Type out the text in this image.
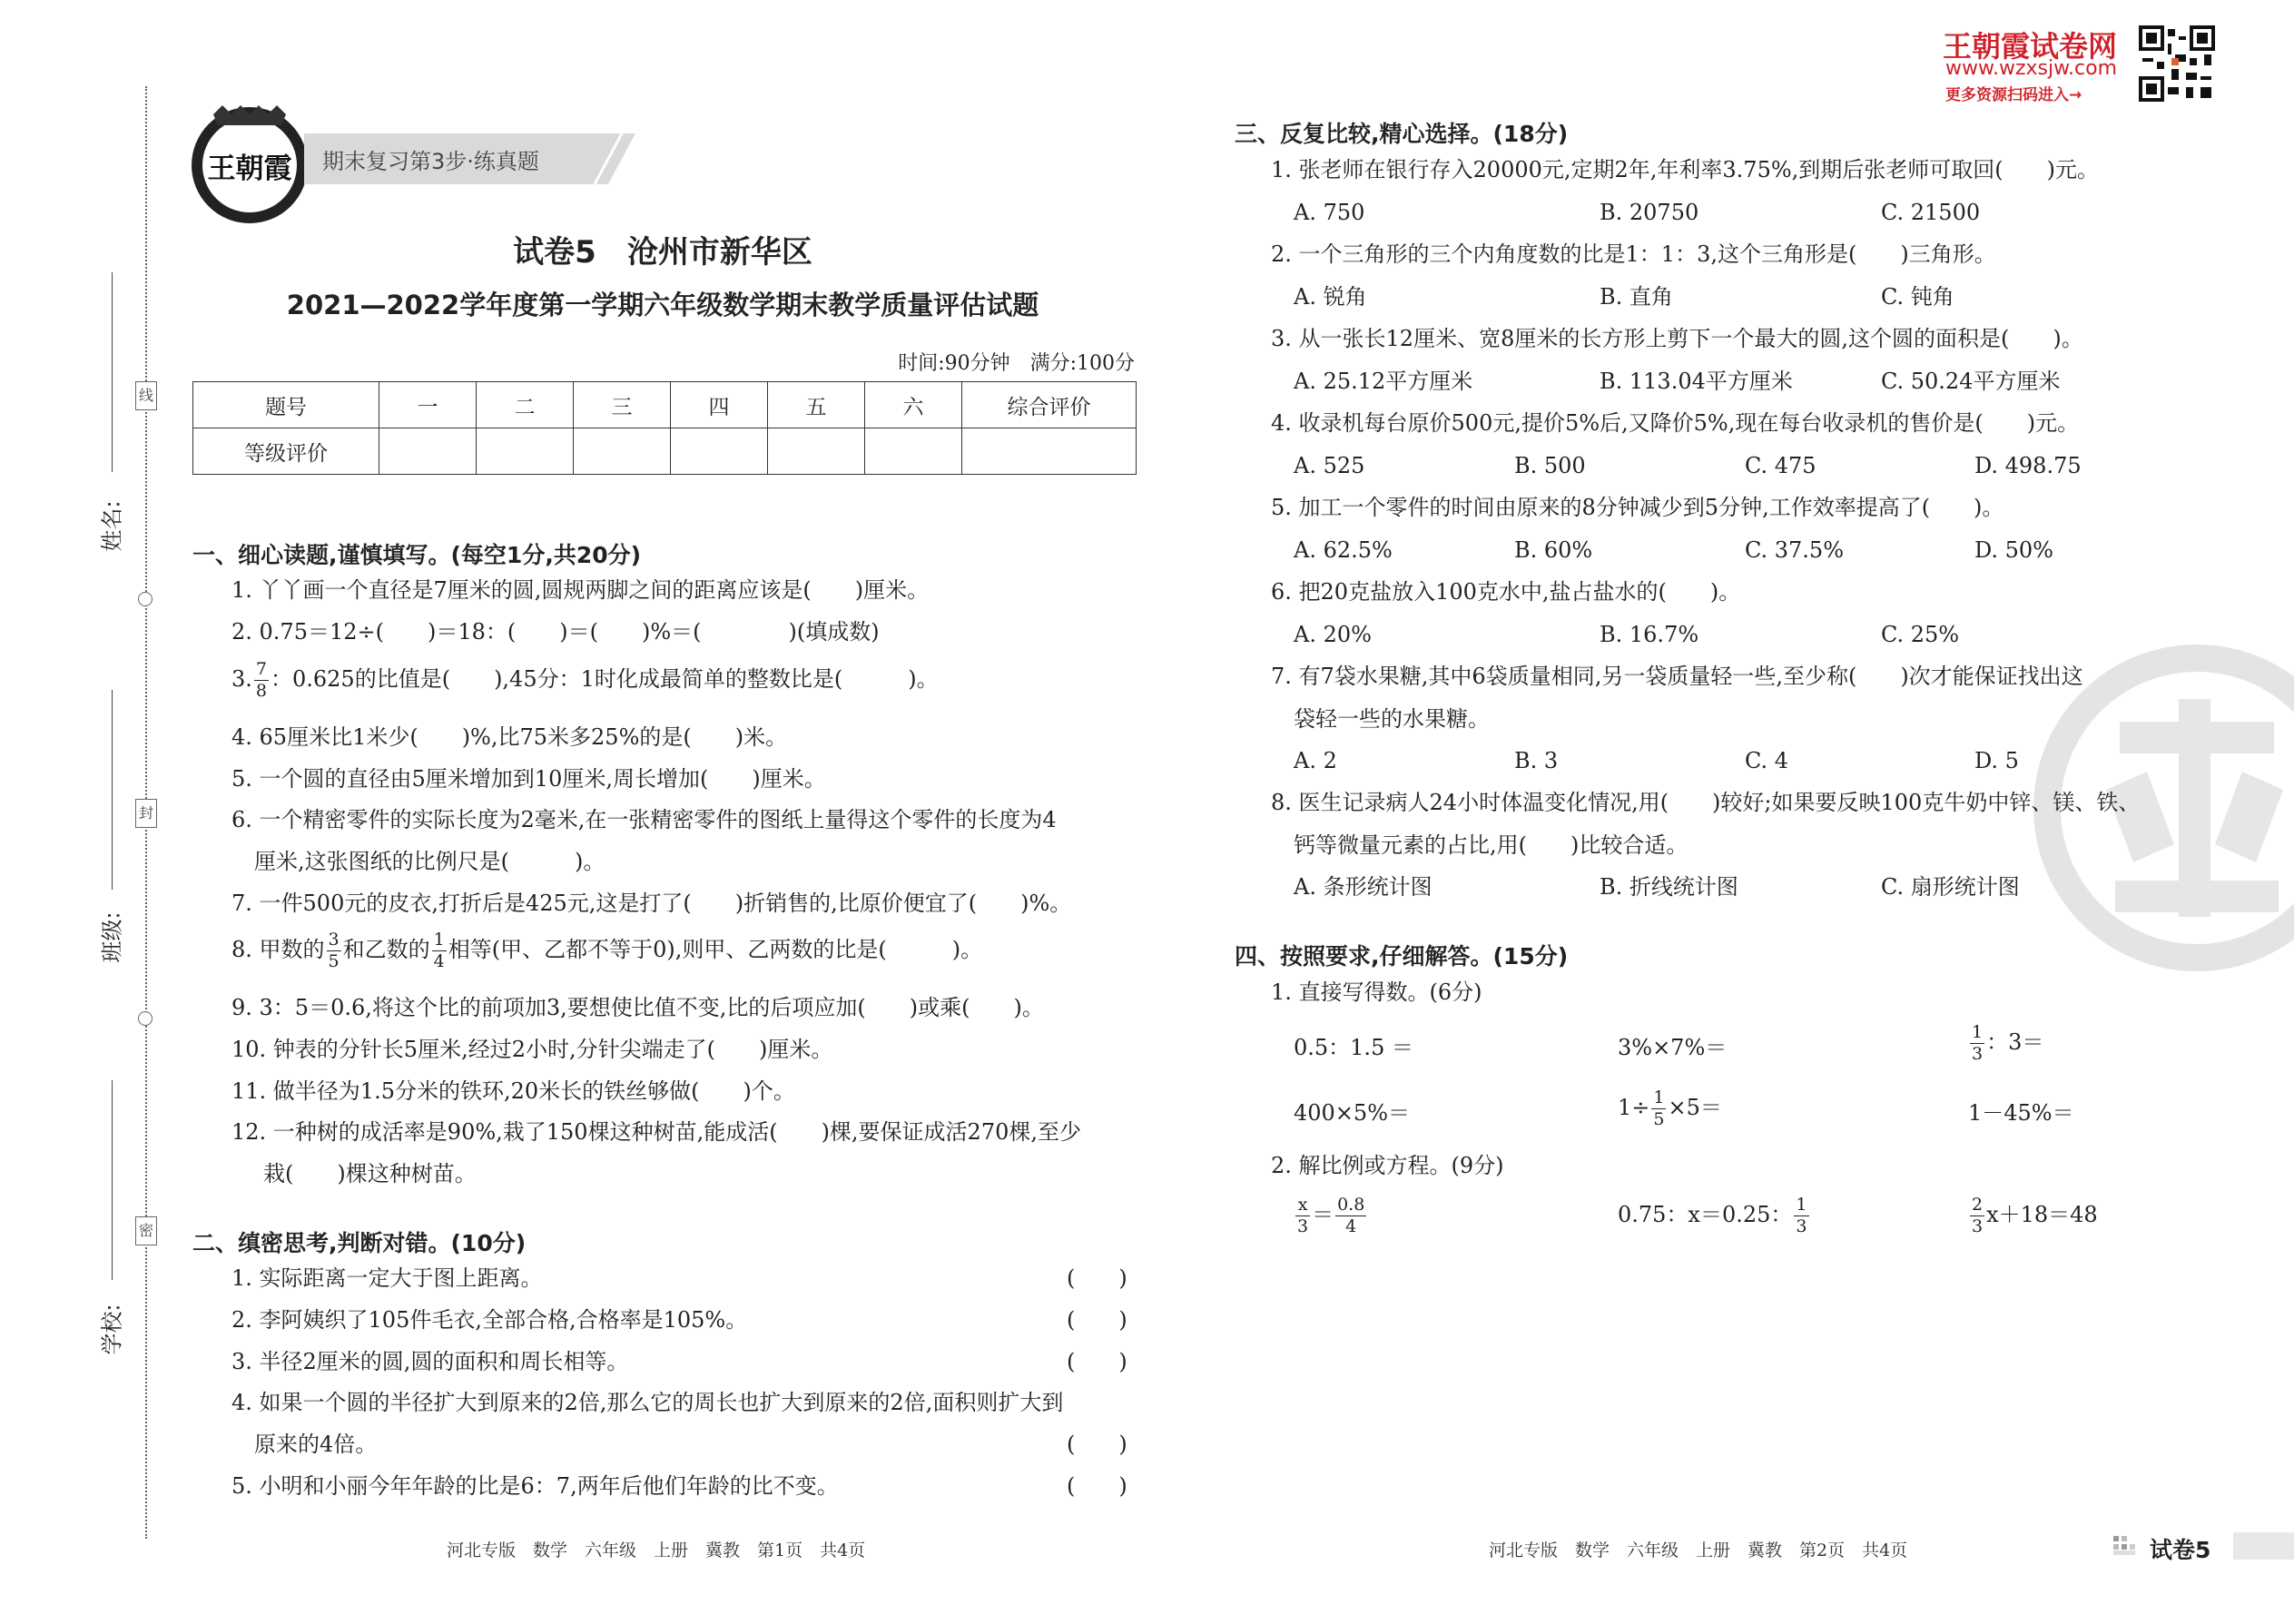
线
封
密
姓名:
班级:
学校:
王朝霞	期末复习第3步·练真题
试卷5　沧州市新华区
2021—2022学年度第一学期六年级数学期末教学质量评估试题
时间:90分钟　满分:100分
题号	一	二	三	四	五	六	综合评价
等级评价							
一、细心读题,谨慎填写。(每空1分,共20分)
1. 丫丫画一个直径是7厘米的圆,圆规两脚之间的距离应该是(　　)厘米。
2. 0.75＝12÷(　　)＝18：(　　)＝(　　)%＝(　　　　)(填成数)
3. $\frac{7}{8}$ ：0.625的比值是(　　),45分：1时化成最简单的整数比是(　　　)。
4. 65厘米比1米少(　　)%,比75米多25%的是(　　)米。
5. 一个圆的直径由5厘米增加到10厘米,周长增加(　　)厘米。
6. 一个精密零件的实际长度为2毫米,在一张精密零件的图纸上量得这个零件的长度为4
厘米,这张图纸的比例尺是(　　　)。
7. 一件500元的皮衣,打折后是425元,这是打了(　　)折销售的,比原价便宜了(　　)%。
8. 甲数的 $\frac{3}{5}$ 和乙数的 $\frac{1}{4}$ 相等(甲、乙都不等于0),则甲、乙两数的比是(　　　)。
9. 3：5＝0.6,将这个比的前项加3,要想使比值不变,比的后项应加(　　)或乘(　　)。
10. 钟表的分针长5厘米,经过2小时,分针尖端走了(　　)厘米。
11. 做半径为1.5分米的铁环,20米长的铁丝够做(　　)个。
12. 一种树的成活率是90%,栽了150棵这种树苗,能成活(　　)棵,要保证成活270棵,至少
栽(　　)棵这种树苗。
二、缜密思考,判断对错。(10分)
1. 实际距离一定大于图上距离。	(　　)
2. 李阿姨织了105件毛衣,全部合格,合格率是105%。	(　　)
3. 半径2厘米的圆,圆的面积和周长相等。	(　　)
4. 如果一个圆的半径扩大到原来的2倍,那么它的周长也扩大到原来的2倍,面积则扩大到
原来的4倍。	(　　)
5. 小明和小丽今年年龄的比是6：7,两年后他们年龄的比不变。	(　　)
河北专版　数学　六年级　上册　冀教　第1页　共4页
王朝霞试卷网
www.wzxsjw.com
更多资源扫码进入→
三、反复比较,精心选择。(18分)
1. 张老师在银行存入20000元,定期2年,年利率3.75%,到期后张老师可取回(　　)元。
A. 750	B. 20750	C. 21500
2. 一个三角形的三个内角度数的比是1：1：3,这个三角形是(　　)三角形。
A. 锐角	B. 直角	C. 钝角
3. 从一张长12厘米、宽8厘米的长方形上剪下一个最大的圆,这个圆的面积是(　　)。
A. 25.12平方厘米	B. 113.04平方厘米	C. 50.24平方厘米
4. 收录机每台原价500元,提价5%后,又降价5%,现在每台收录机的售价是(　　)元。
A. 525	B. 500	C. 475	D. 498.75
5. 加工一个零件的时间由原来的8分钟减少到5分钟,工作效率提高了(　　)。
A. 62.5%	B. 60%	C. 37.5%	D. 50%
6. 把20克盐放入100克水中,盐占盐水的(　　)。
A. 20%	B. 16.7%	C. 25%
7. 有7袋水果糖,其中6袋质量相同,另一袋质量轻一些,至少称(　　)次才能保证找出这
袋轻一些的水果糖。
A. 2	B. 3	C. 4	D. 5
8. 医生记录病人24小时体温变化情况,用(　　)较好;如果要反映100克牛奶中锌、镁、铁、
钙等微量元素的占比,用(　　)比较合适。
A. 条形统计图	B. 折线统计图	C. 扇形统计图
四、按照要求,仔细解答。(15分)
1. 直接写得数。(6分)
0.5：1.5 ＝	3%×7%＝	$\frac{1}{3}$ ：3＝
400×5%＝	$1\div \frac{1}{5} \times 5=$	1－45%＝
2. 解比例或方程。(9分)
$\frac{x}{3} = \frac{0.8}{4}$	0.75：x＝0.25： $\frac{1}{3}$	$\frac{2}{3} x+18=48$
河北专版　数学　六年级　上册　冀教　第2页　共4页	试卷5
